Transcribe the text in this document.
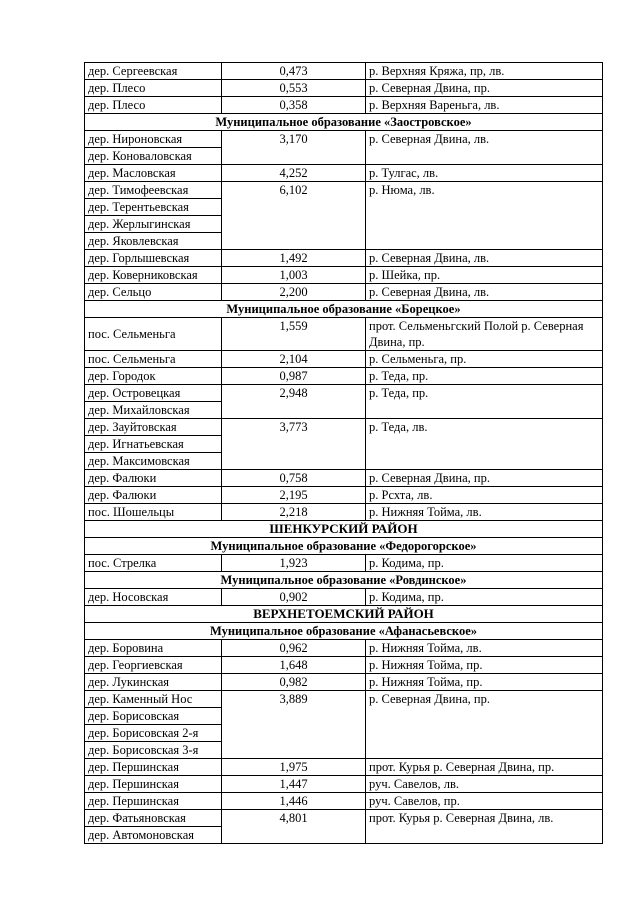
дер. Сергеевская	0,473	р. Верхняя Кряжа, пр, лв.
дер. Плесо	0,553	р. Северная Двина, пр.
дер. Плесо	0,358	р. Верхняя Вареньга, лв.
Муниципальное образование «Заостровское»		
дер. Нироновская	3,170	р. Северная Двина, лв.
дер. Коноваловская		
дер. Масловская	4,252	р. Тулгас, лв.
дер. Тимофеевская	6,102	р. Нюма, лв.
дер. Терентьевская		
дер. Жерлыгинская		
дер. Яковлевская		
дер. Горлышевская	1,492	р. Северная Двина, лв.
дер. Коверниковская	1,003	р. Шейка, пр.
дер. Сельцо	2,200	р. Северная Двина, лв.
Муниципальное образование «Борецкое»		
пос. Сельменьга	1,559	прот. Сельменьгский Полой р. Северная Двина, пр.
пос. Сельменьга	2,104	р. Сельменьга, пр.
дер. Городок	0,987	р. Теда, пр.
дер. Островецкая	2,948	р. Теда, пр.
дер. Михайловская		
дер. Зауйтовская	3,773	р. Теда, лв.
дер. Игнатьевская		
дер. Максимовская		
дер. Фалюки	0,758	р. Северная Двина, пр.
дер. Фалюки	2,195	р. Рсхта, лв.
пос. Шошельцы	2,218	р. Нижняя Тойма, лв.
ШЕНКУРСКИЙ РАЙОН		
Муниципальное образование «Федорогорское»		
пос. Стрелка	1,923	р. Кодима, пр.
Муниципальное образование «Ровдинское»		
дер. Носовская	0,902	р. Кодима, пр.
ВЕРХНЕТОЕМСКИЙ РАЙОН		
Муниципальное образование «Афанасьевское»		
дер. Боровина	0,962	р. Нижняя Тойма, лв.
дер. Георгиевская	1,648	р. Нижняя Тойма, пр.
дер. Лукинская	0,982	р. Нижняя Тойма, пр.
дер. Каменный Нос	3,889	р. Северная Двина, пр.
дер. Борисовская		
дер. Борисовская 2-я		
дер. Борисовская 3-я		
дер. Першинская	1,975	прот. Курья р. Северная Двина, пр.
дер. Першинская	1,447	руч. Савелов, лв.
дер. Першинская	1,446	руч. Савелов, пр.
дер. Фатьяновская	4,801	прот. Курья р. Северная Двина, лв.
дер. Автомоновская		
